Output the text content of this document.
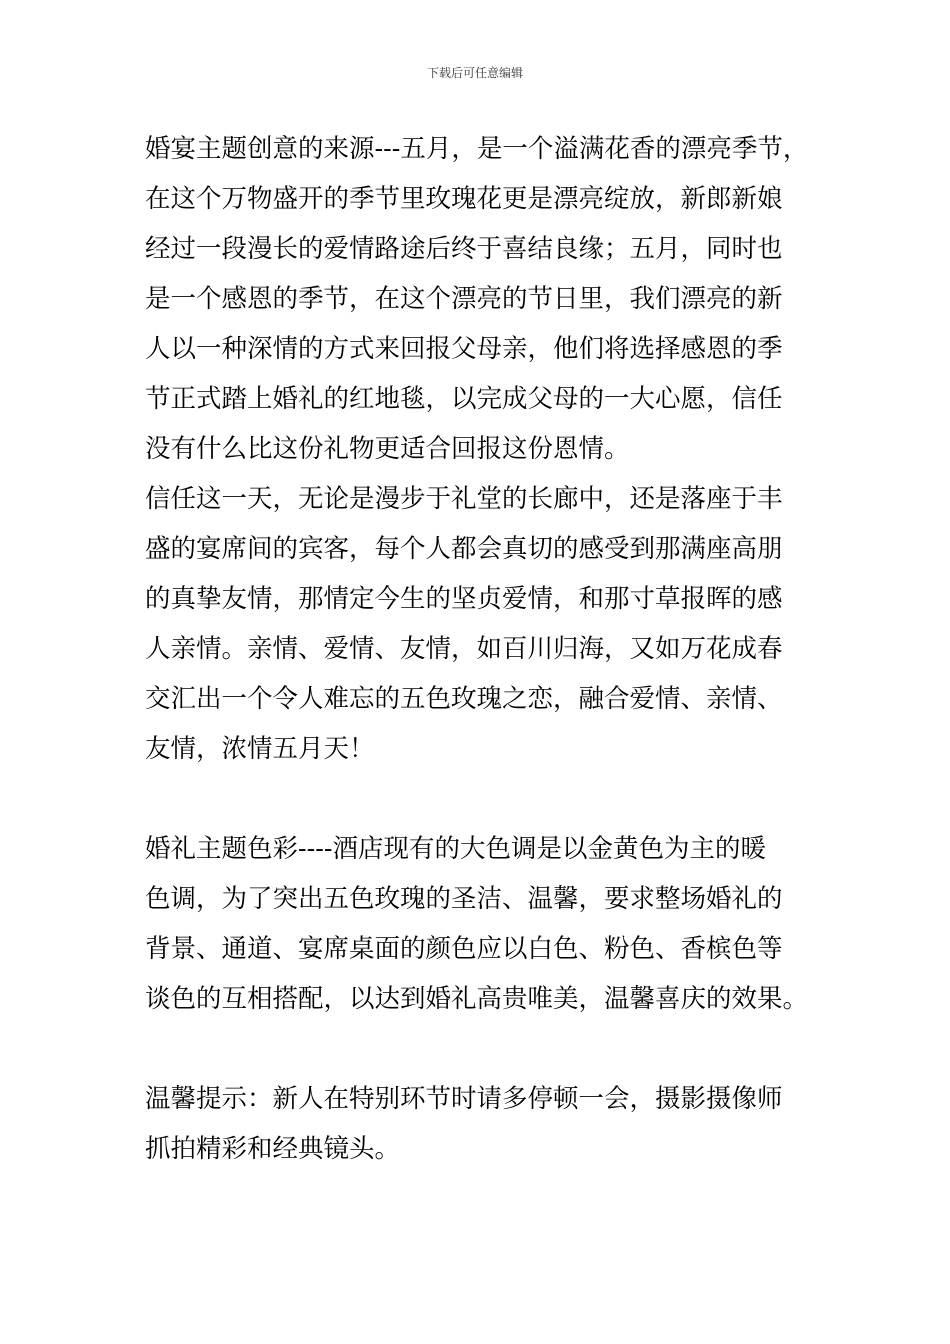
下载后可任意编辑
婚宴主题创意的来源---五月，是一个溢满花香的漂亮季节，
在这个万物盛开的季节里玫瑰花更是漂亮绽放，新郎新娘
经过一段漫长的爱情路途后终于喜结良缘；五月，同时也
是一个感恩的季节，在这个漂亮的节日里，我们漂亮的新
人以一种深情的方式来回报父母亲，他们将选择感恩的季
节正式踏上婚礼的红地毯，以完成父母的一大心愿，信任
没有什么比这份礼物更适合回报这份恩情。
信任这一天，无论是漫步于礼堂的长廊中，还是落座于丰
盛的宴席间的宾客，每个人都会真切的感受到那满座高朋
的真挚友情，那情定今生的坚贞爱情，和那寸草报晖的感
人亲情。亲情、爱情、友情，如百川归海，又如万花成春
交汇出一个令人难忘的五色玫瑰之恋，融合爱情、亲情、
友情，浓情五月天！
婚礼主题色彩----酒店现有的大色调是以金黄色为主的暖
色调，为了突出五色玫瑰的圣洁、温馨，要求整场婚礼的
背景、通道、宴席桌面的颜色应以白色、粉色、香槟色等
谈色的互相搭配，以达到婚礼高贵唯美，温馨喜庆的效果。
温馨提示：新人在特别环节时请多停顿一会，摄影摄像师
抓拍精彩和经典镜头。
